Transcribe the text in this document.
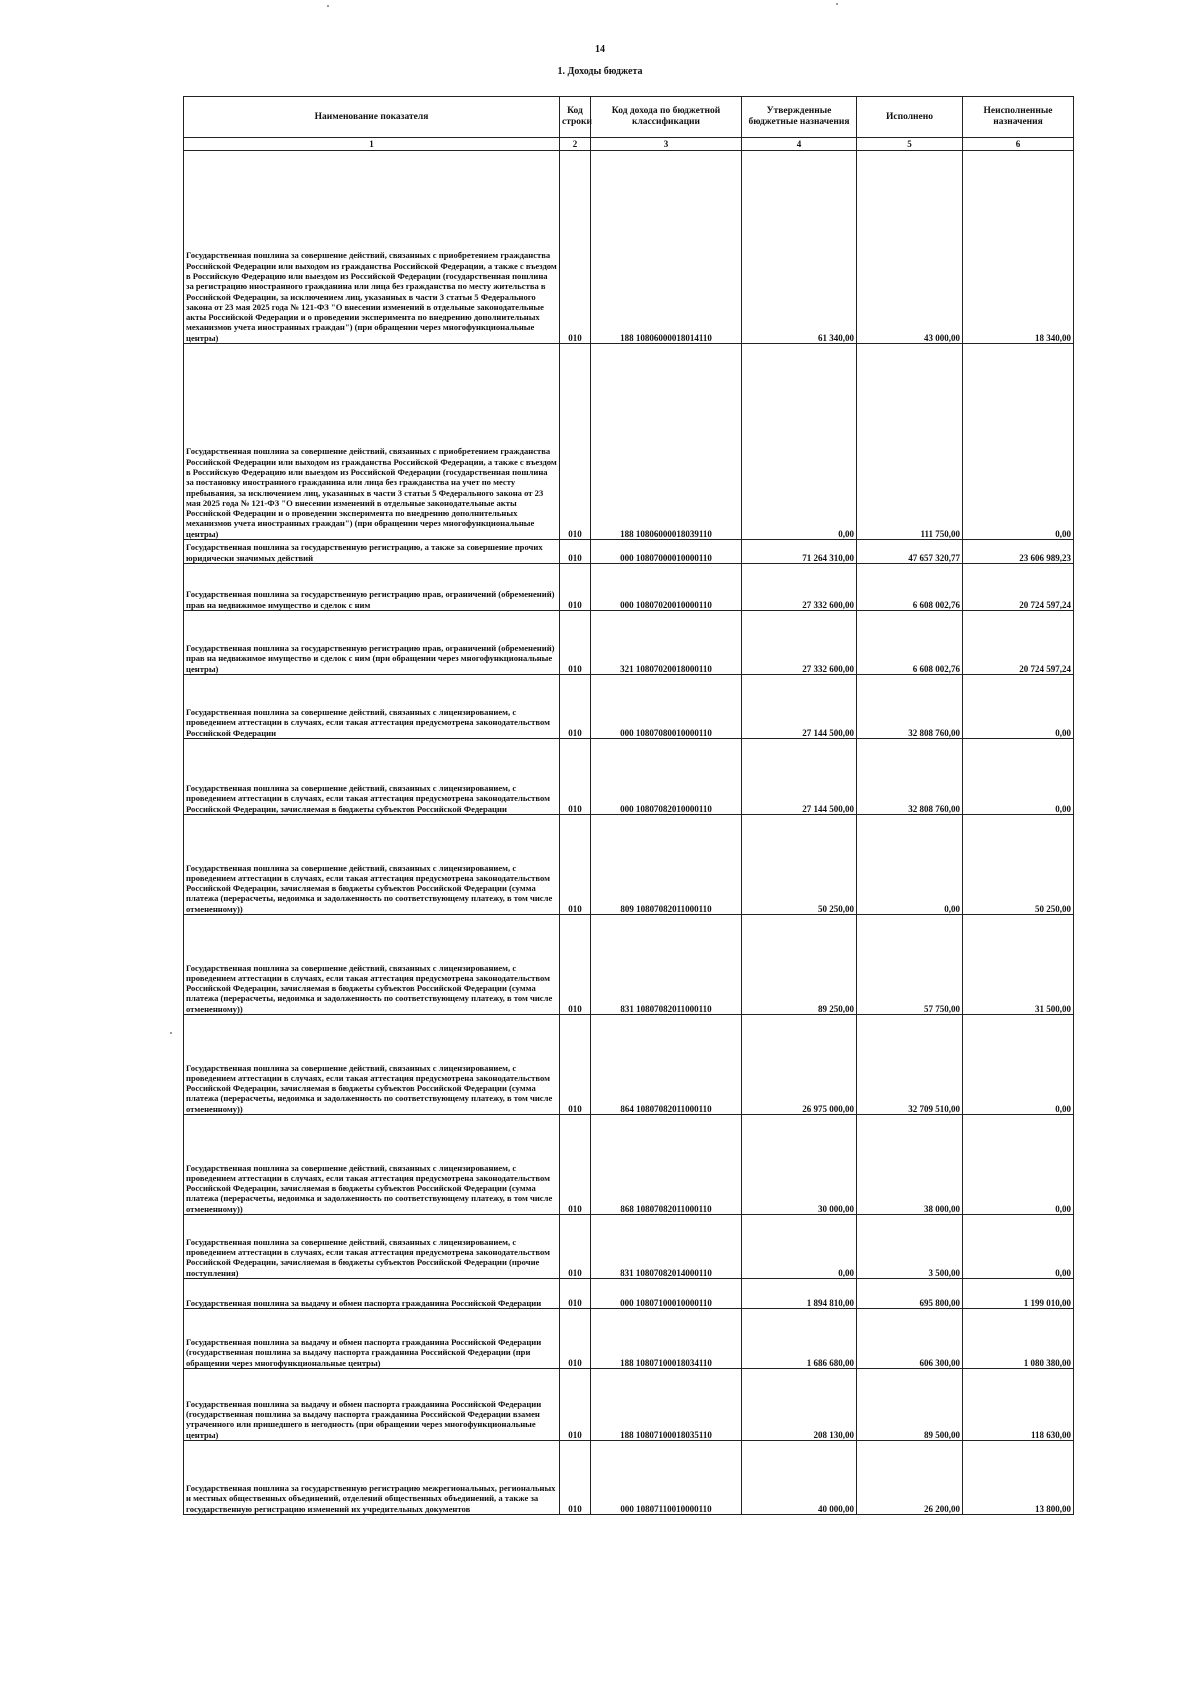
14
1. Доходы бюджета
Наименование показателя	Код строки	Код дохода по бюджетной классификации	Утвержденные бюджетные назначения	Исполнено	Неисполненные назначения
1	2	3	4	5	6
Государственная пошлина за совершение действий, связанных с приобретением гражданства Российской Федерации или выходом из гражданства Российской Федерации, а также с въездом в Российскую Федерацию или выездом из Российской Федерации (государственная пошлина за регистрацию иностранного гражданина или лица без гражданства по месту жительства в Российской Федерации, за исключением лиц, указанных в части 3 статьи 5 Федерального закона от 23 мая 2025 года № 121-ФЗ "О внесении изменений в отдельные законодательные акты Российской Федерации и о проведении эксперимента по внедрению дополнительных механизмов учета иностранных граждан") (при обращении через многофункциональные центры)	010	188 10806000018014110	61 340,00	43 000,00	18 340,00
Государственная пошлина за совершение действий, связанных с приобретением гражданства Российской Федерации или выходом из гражданства Российской Федерации, а также с въездом в Российскую Федерацию или выездом из Российской Федерации (государственная пошлина за постановку иностранного гражданина или лица без гражданства на учет по месту пребывания, за исключением лиц, указанных в части 3 статьи 5 Федерального закона от 23 мая 2025 года № 121-ФЗ "О внесении изменений в отдельные законодательные акты Российской Федерации и о проведении эксперимента по внедрению дополнительных механизмов учета иностранных граждан") (при обращении через многофункциональные центры)	010	188 10806000018039110	0,00	111 750,00	0,00
Государственная пошлина за государственную регистрацию, а также за совершение прочих юридически значимых действий	010	000 10807000010000110	71 264 310,00	47 657 320,77	23 606 989,23
Государственная пошлина за государственную регистрацию прав, ограничений (обременений) прав на недвижимое имущество и сделок с ним	010	000 10807020010000110	27 332 600,00	6 608 002,76	20 724 597,24
Государственная пошлина за государственную регистрацию прав, ограничений (обременений) прав на недвижимое имущество и сделок с ним (при обращении через многофункциональные центры)	010	321 10807020018000110	27 332 600,00	6 608 002,76	20 724 597,24
Государственная пошлина за совершение действий, связанных с лицензированием, с проведением аттестации в случаях, если такая аттестация предусмотрена законодательством Российской Федерации	010	000 10807080010000110	27 144 500,00	32 808 760,00	0,00
Государственная пошлина за совершение действий, связанных с лицензированием, с проведением аттестации в случаях, если такая аттестация предусмотрена законодательством Российской Федерации, зачисляемая в бюджеты субъектов Российской Федерации	010	000 10807082010000110	27 144 500,00	32 808 760,00	0,00
Государственная пошлина за совершение действий, связанных с лицензированием, с проведением аттестации в случаях, если такая аттестация предусмотрена законодательством Российской Федерации, зачисляемая в бюджеты субъектов Российской Федерации (сумма платежа (перерасчеты, недоимка и задолженность по соответствующему платежу, в том числе отмененному))	010	809 10807082011000110	50 250,00	0,00	50 250,00
Государственная пошлина за совершение действий, связанных с лицензированием, с проведением аттестации в случаях, если такая аттестация предусмотрена законодательством Российской Федерации, зачисляемая в бюджеты субъектов Российской Федерации (сумма платежа (перерасчеты, недоимка и задолженность по соответствующему платежу, в том числе отмененному))	010	831 10807082011000110	89 250,00	57 750,00	31 500,00
Государственная пошлина за совершение действий, связанных с лицензированием, с проведением аттестации в случаях, если такая аттестация предусмотрена законодательством Российской Федерации, зачисляемая в бюджеты субъектов Российской Федерации (сумма платежа (перерасчеты, недоимка и задолженность по соответствующему платежу, в том числе отмененному))	010	864 10807082011000110	26 975 000,00	32 709 510,00	0,00
Государственная пошлина за совершение действий, связанных с лицензированием, с проведением аттестации в случаях, если такая аттестация предусмотрена законодательством Российской Федерации, зачисляемая в бюджеты субъектов Российской Федерации (сумма платежа (перерасчеты, недоимка и задолженность по соответствующему платежу, в том числе отмененному))	010	868 10807082011000110	30 000,00	38 000,00	0,00
Государственная пошлина за совершение действий, связанных с лицензированием, с проведением аттестации в случаях, если такая аттестация предусмотрена законодательством Российской Федерации, зачисляемая в бюджеты субъектов Российской Федерации (прочие поступления)	010	831 10807082014000110	0,00	3 500,00	0,00
Государственная пошлина за выдачу и обмен паспорта гражданина Российской Федерации	010	000 10807100010000110	1 894 810,00	695 800,00	1 199 010,00
Государственная пошлина за выдачу и обмен паспорта гражданина Российской Федерации (государственная пошлина за выдачу паспорта гражданина Российской Федерации (при обращении через многофункциональные центры)	010	188 10807100018034110	1 686 680,00	606 300,00	1 080 380,00
Государственная пошлина за выдачу и обмен паспорта гражданина Российской Федерации (государственная пошлина за выдачу паспорта гражданина Российской Федерации взамен утраченного или пришедшего в негодность (при обращении через многофункциональные центры)	010	188 10807100018035110	208 130,00	89 500,00	118 630,00
Государственная пошлина за государственную регистрацию межрегиональных, региональных и местных общественных объединений, отделений общественных объединений, а также за государственную регистрацию изменений их учредительных документов	010	000 10807110010000110	40 000,00	26 200,00	13 800,00
